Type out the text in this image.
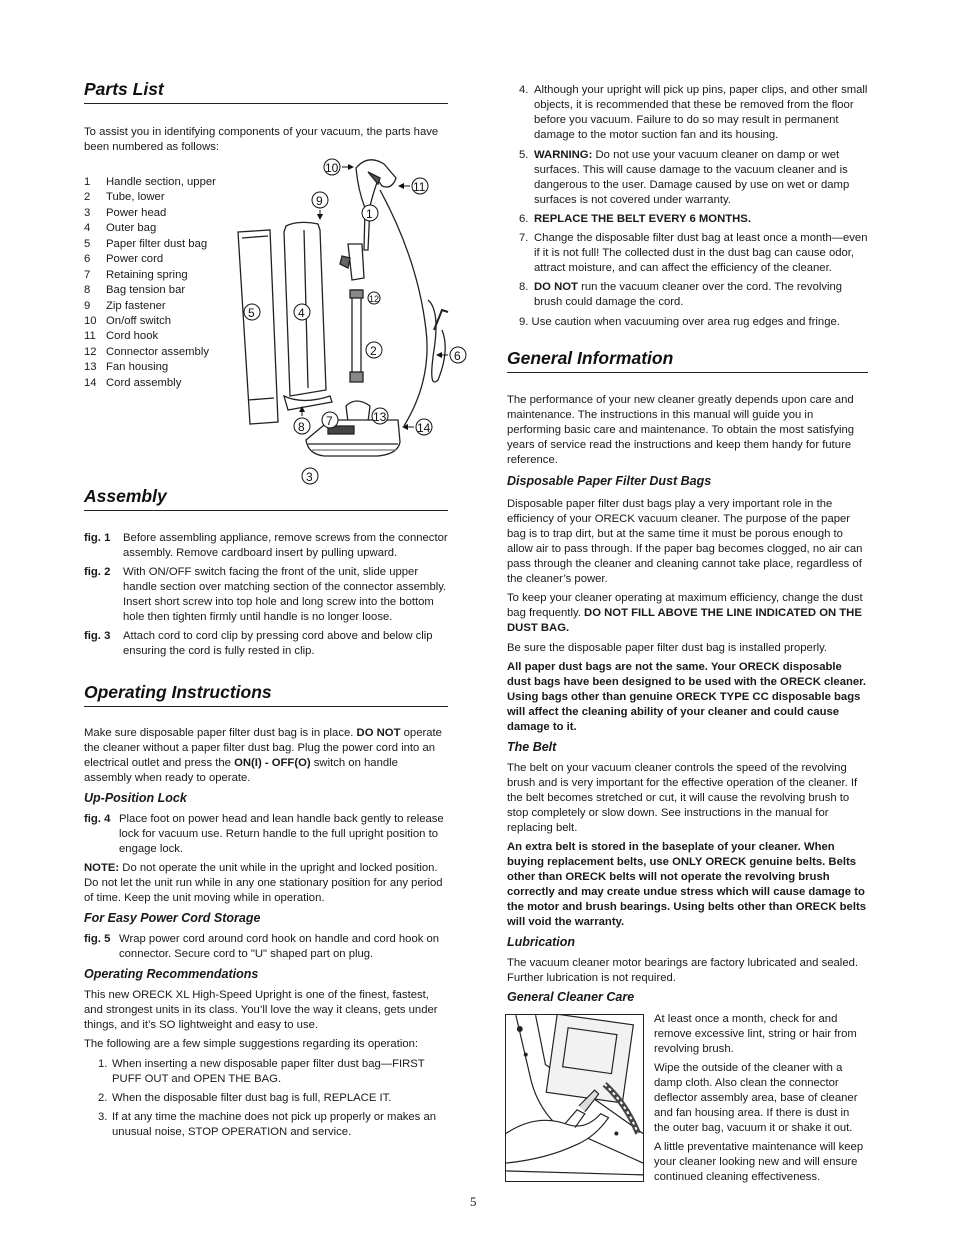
Parts List
To assist you in identifying components of your vacuum, the parts have been numbered as follows:
1 Handle section, upper
2 Tube, lower
3 Power head
4 Outer bag
5 Paper filter dust bag
6 Power cord
7 Retaining spring
8 Bag tension bar
9 Zip fastener
10 On/off switch
11 Cord hook
12 Connector assembly
13 Fan housing
14 Cord assembly
Assembly
fig. 1 Before assembling appliance, remove screws from the connector assembly. Remove cardboard insert by pulling upward.
fig. 2 With ON/OFF switch facing the front of the unit, slide upper handle section over matching section of the connector assembly. Insert short screw into top hole and long screw into the bottom hole then tighten firmly until handle is no longer loose.
fig. 3 Attach cord to cord clip by pressing cord above and below clip ensuring the cord is fully rested in clip.
Operating Instructions
Make sure disposable paper filter dust bag is in place. DO NOT operate the cleaner without a paper filter dust bag. Plug the power cord into an electrical outlet and press the ON(I) - OFF(O) switch on handle assembly when ready to operate.
Up-Position Lock
fig. 4 Place foot on power head and lean handle back gently to release lock for vacuum use. Return handle to the full upright position to engage lock.
NOTE: Do not operate the unit while in the upright and locked position. Do not let the unit run while in any one stationary position for any period of time. Keep the unit moving while in operation.
For Easy Power Cord Storage
fig. 5 Wrap power cord around cord hook on handle and cord hook on connector. Secure cord to "U" shaped part on plug.
Operating Recommendations
This new ORECK XL High-Speed Upright is one of the finest, fastest, and strongest units in its class. You’ll love the way it cleans, gets under things, and it’s SO lightweight and easy to use.
The following are a few simple suggestions regarding its operation:
1. When inserting a new disposable paper filter dust bag—FIRST PUFF OUT and OPEN THE BAG.
2. When the disposable filter dust bag is full, REPLACE IT.
3. If at any time the machine does not pick up properly or makes an unusual noise, STOP OPERATION and service.
10
11
9
1
5	4
12
2	6
7	13
8	14
3
4. Although your upright will pick up pins, paper clips, and other small objects, it is recommended that these be removed from the floor before you vacuum. Failure to do so may result in permanent damage to the motor suction fan and its housing.
5. WARNING: Do not use your vacuum cleaner on damp or wet surfaces. This will cause damage to the vacuum cleaner and is dangerous to the user. Damage caused by use on wet or damp surfaces is not covered under warranty.
6. REPLACE THE BELT EVERY 6 MONTHS.
7. Change the disposable filter dust bag at least once a month—even if it is not full! The collected dust in the dust bag can cause odor, attract moisture, and can affect the efficiency of the cleaner.
8. DO NOT run the vacuum cleaner over the cord. The revolving brush could damage the cord.
9. Use caution when vacuuming over area rug edges and fringe.
General Information
The performance of your new cleaner greatly depends upon care and maintenance. The instructions in this manual will guide you in performing basic care and maintenance. To obtain the most satisfying years of service read the instructions and keep them handy for future reference.
Disposable Paper Filter Dust Bags
Disposable paper filter dust bags play a very important role in the efficiency of your ORECK vacuum cleaner. The purpose of the paper bag is to trap dirt, but at the same time it must be porous enough to allow air to pass through. If the paper bag becomes clogged, no air can pass through the cleaner and cleaning cannot take place, regardless of the cleaner’s power.
To keep your cleaner operating at maximum efficiency, change the dust bag frequently. DO NOT FILL ABOVE THE LINE INDICATED ON THE DUST BAG.
Be sure the disposable paper filter dust bag is installed properly.
All paper dust bags are not the same. Your ORECK disposable dust bags have been designed to be used with the ORECK cleaner. Using bags other than genuine ORECK TYPE CC disposable bags will affect the cleaning ability of your cleaner and could cause damage to it.
The Belt
The belt on your vacuum cleaner controls the speed of the revolving brush and is very important for the effective operation of the cleaner. If the belt becomes stretched or cut, it will cause the revolving brush to stop completely or slow down. See instructions in the manual for replacing belt.
An extra belt is stored in the baseplate of your cleaner. When buying replacement belts, use ONLY ORECK genuine belts. Belts other than ORECK belts will not operate the revolving brush correctly and may create undue stress which will cause damage to the motor and brush bearings. Using belts other than ORECK belts will void the warranty.
Lubrication
The vacuum cleaner motor bearings are factory lubricated and sealed. Further lubrication is not required.
General Cleaner Care
At least once a month, check for and remove excessive lint, string or hair from revolving brush.
Wipe the outside of the cleaner with a damp cloth. Also clean the connector deflector assembly area, base of cleaner and fan housing area. If there is dust in the outer bag, vacuum it or shake it out.
A little preventative maintenance will keep your cleaner looking new and will ensure continued cleaning effectiveness.
5
